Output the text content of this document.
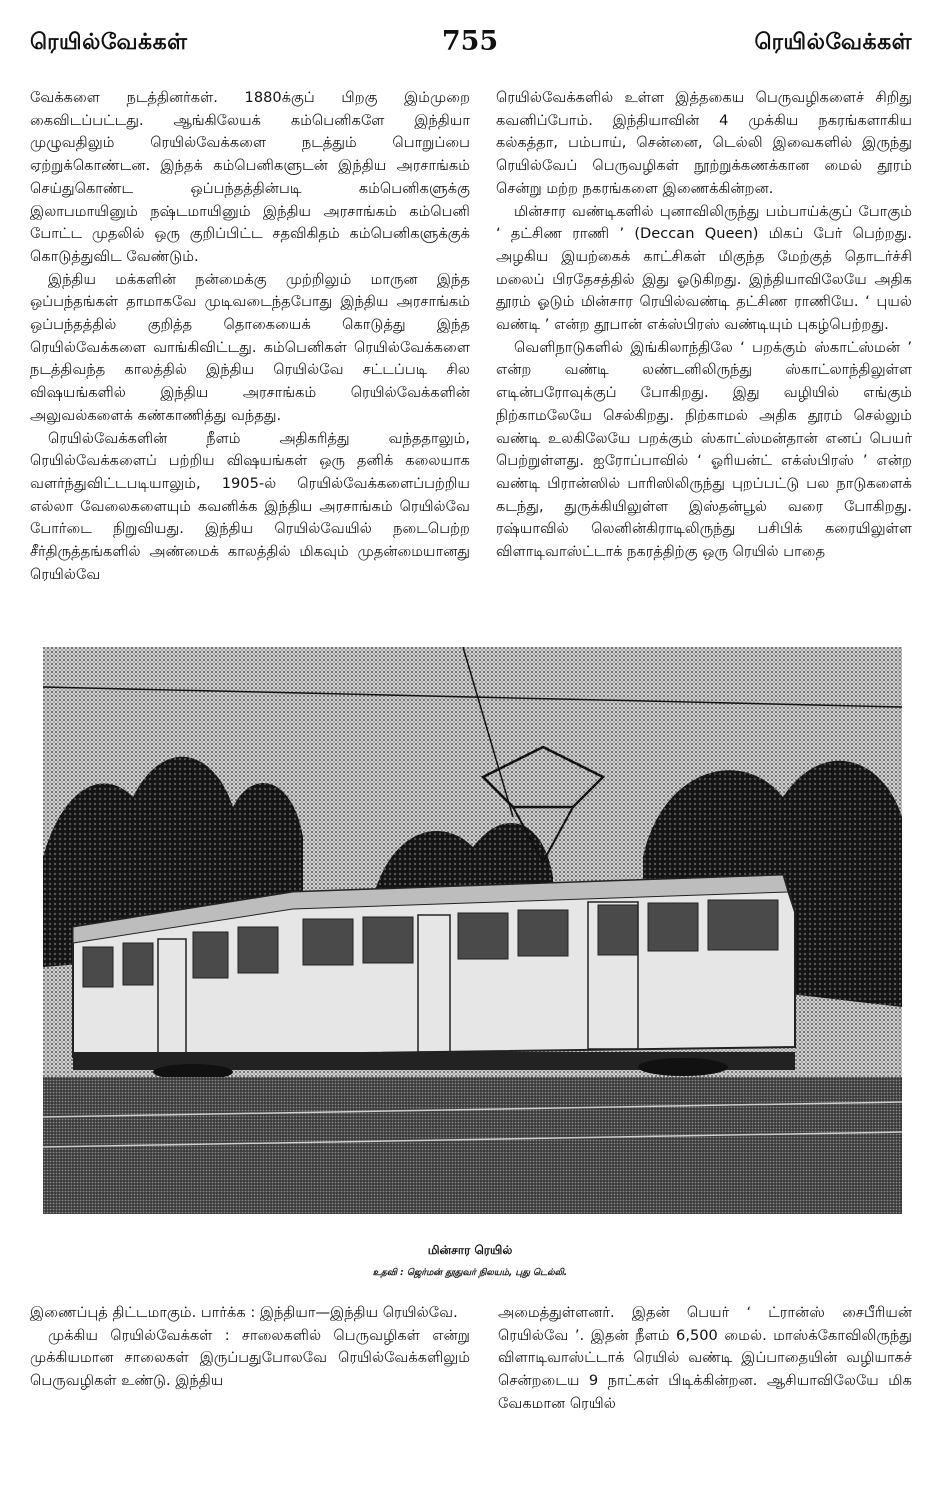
ரெயில்வேக்கள்	755	ரெயில்வேக்கள்

வேக்களை நடத்தினர்கள். 1880க்குப் பிறகு இம்முறை கைவிடப்பட்டது. ஆங்கிலேயக் கம்பெனிகளே இந்தியா முழுவதிலும் ரெயில்வேக்களை நடத்தும் பொறுப்பை ஏற்றுக்கொண்டன. இந்தக் கம்பெனிகளுடன் இந்திய அரசாங்கம் செய்துகொண்ட ஒப்பந்தத்தின்படி கம்பெனிகளுக்கு இலாபமாயினும் நஷ்டமாயினும் இந்திய அரசாங்கம் கம்பெனி போட்ட முதலில் ஒரு குறிப்பிட்ட சதவிகிதம் கம்பெனிகளுக்குக் கொடுத்துவிட வேண்டும்.

இந்திய மக்களின் நன்மைக்கு முற்றிலும் மாருன இந்த ஒப்பந்தங்கள் தாமாகவே முடிவடைந்தபோது இந்திய அரசாங்கம் ஒப்பந்தத்தில் குறித்த தொகையைக் கொடுத்து இந்த ரெயில்வேக்களை வாங்கிவிட்டது. கம்பெனிகள் ரெயில்வேக்களை நடத்திவந்த காலத்தில் இந்திய ரெயில்வே சட்டப்படி சில விஷயங்களில் இந்திய அரசாங்கம் ரெயில்வேக்களின் அலுவல்களைக் கண்காணித்து வந்தது.

ரெயில்வேக்களின் நீளம் அதிகரித்து வந்ததாலும், ரெயில்வேக்களைப் பற்றிய விஷயங்கள் ஒரு தனிக் கலையாக வளர்ந்துவிட்டபடியாலும், 1905-ல் ரெயில்வேக்களைப்பற்றிய எல்லா வேலைகளையும் கவனிக்க இந்திய அரசாங்கம் ரெயில்வே போர்டை நிறுவியது. இந்திய ரெயில்வேயில் நடைபெற்ற சீர்திருத்தங்களில் அண்மைக் காலத்தில் மிகவும் முதன்மையானது ரெயில்வே

ரெயில்வேக்களில் உள்ள இத்தகைய பெருவழிகளைச் சிறிது கவனிப்போம். இந்தியாவின் 4 முக்கிய நகரங்களாகிய கல்கத்தா, பம்பாய், சென்னை, டெல்லி இவைகளில் இருந்து ரெயில்வேப் பெருவழிகள் நூற்றுக்கணக்கான மைல் தூரம் சென்று மற்ற நகரங்களை இணைக்கின்றன.

மின்சார வண்டிகளில் புனாவிலிருந்து பம்பாய்க்குப் போகும் ‘ தட்சிண ராணி ’ (Deccan Queen) மிகப் பேர் பெற்றது. அழகிய இயற்கைக் காட்சிகள் மிகுந்த மேற்குத் தொடர்ச்சி மலைப் பிரதேசத்தில் இது ஓடுகிறது. இந்தியாவிலேயே அதிக தூரம் ஓடும் மின்சார ரெயில்வண்டி தட்சிண ராணியே. ‘ புயல் வண்டி ’ என்ற தூபான் எக்ஸ்பிரஸ் வண்டியும் புகழ்பெற்றது.

வெளிநாடுகளில் இங்கிலாந்திலே ‘ பறக்கும் ஸ்காட்ஸ்மன் ’ என்ற வண்டி லண்டனிலிருந்து ஸ்காட்லாந்திலுள்ள எடின்பரோவுக்குப் போகிறது. இது வழியில் எங்கும் நிற்காமலேயே செல்கிறது. நிற்காமல் அதிக தூரம் செல்லும் வண்டி உலகிலேயே பறக்கும் ஸ்காட்ஸ்மன்தான் எனப் பெயர் பெற்றுள்ளது. ஐரோப்பாவில் ‘ ஓரியன்ட் எக்ஸ்பிரஸ் ’ என்ற வண்டி பிரான்ஸில் பாரிஸிலிருந்து புறப்பட்டு பல நாடுகளைக் கடந்து, துருக்கியிலுள்ள இஸ்தன்பூல் வரை போகிறது. ரஷ்யாவில் லெனின்கிராடிலிருந்து பசிபிக் கரையிலுள்ள விளாடிவாஸ்ட்டாக் நகரத்திற்கு ஒரு ரெயில் பாதை

மின்சார ரெயில்
உதவி : ஜெர்மன் தூதுவர் நிலயம், புது டெல்லி.

இணைப்புத் திட்டமாகும். பார்க்க : இந்தியா—இந்திய ரெயில்வே.

முக்கிய ரெயில்வேக்கள் : சாலைகளில் பெருவழிகள் என்று முக்கியமான சாலைகள் இருப்பதுபோலவே ரெயில்வேக்களிலும் பெருவழிகள் உண்டு. இந்திய

அமைத்துள்ளனர். இதன் பெயர் ‘ ட்ரான்ஸ் சைபீரியன் ரெயில்வே ’. இதன் நீளம் 6,500 மைல். மாஸ்க்கோவிலிருந்து விளாடிவாஸ்ட்டாக் ரெயில் வண்டி இப்பாதையின் வழியாகச் சென்றடைய 9 நாட்கள் பிடிக்கின்றன. ஆசியாவிலேயே மிக வேகமான ரெயில்
